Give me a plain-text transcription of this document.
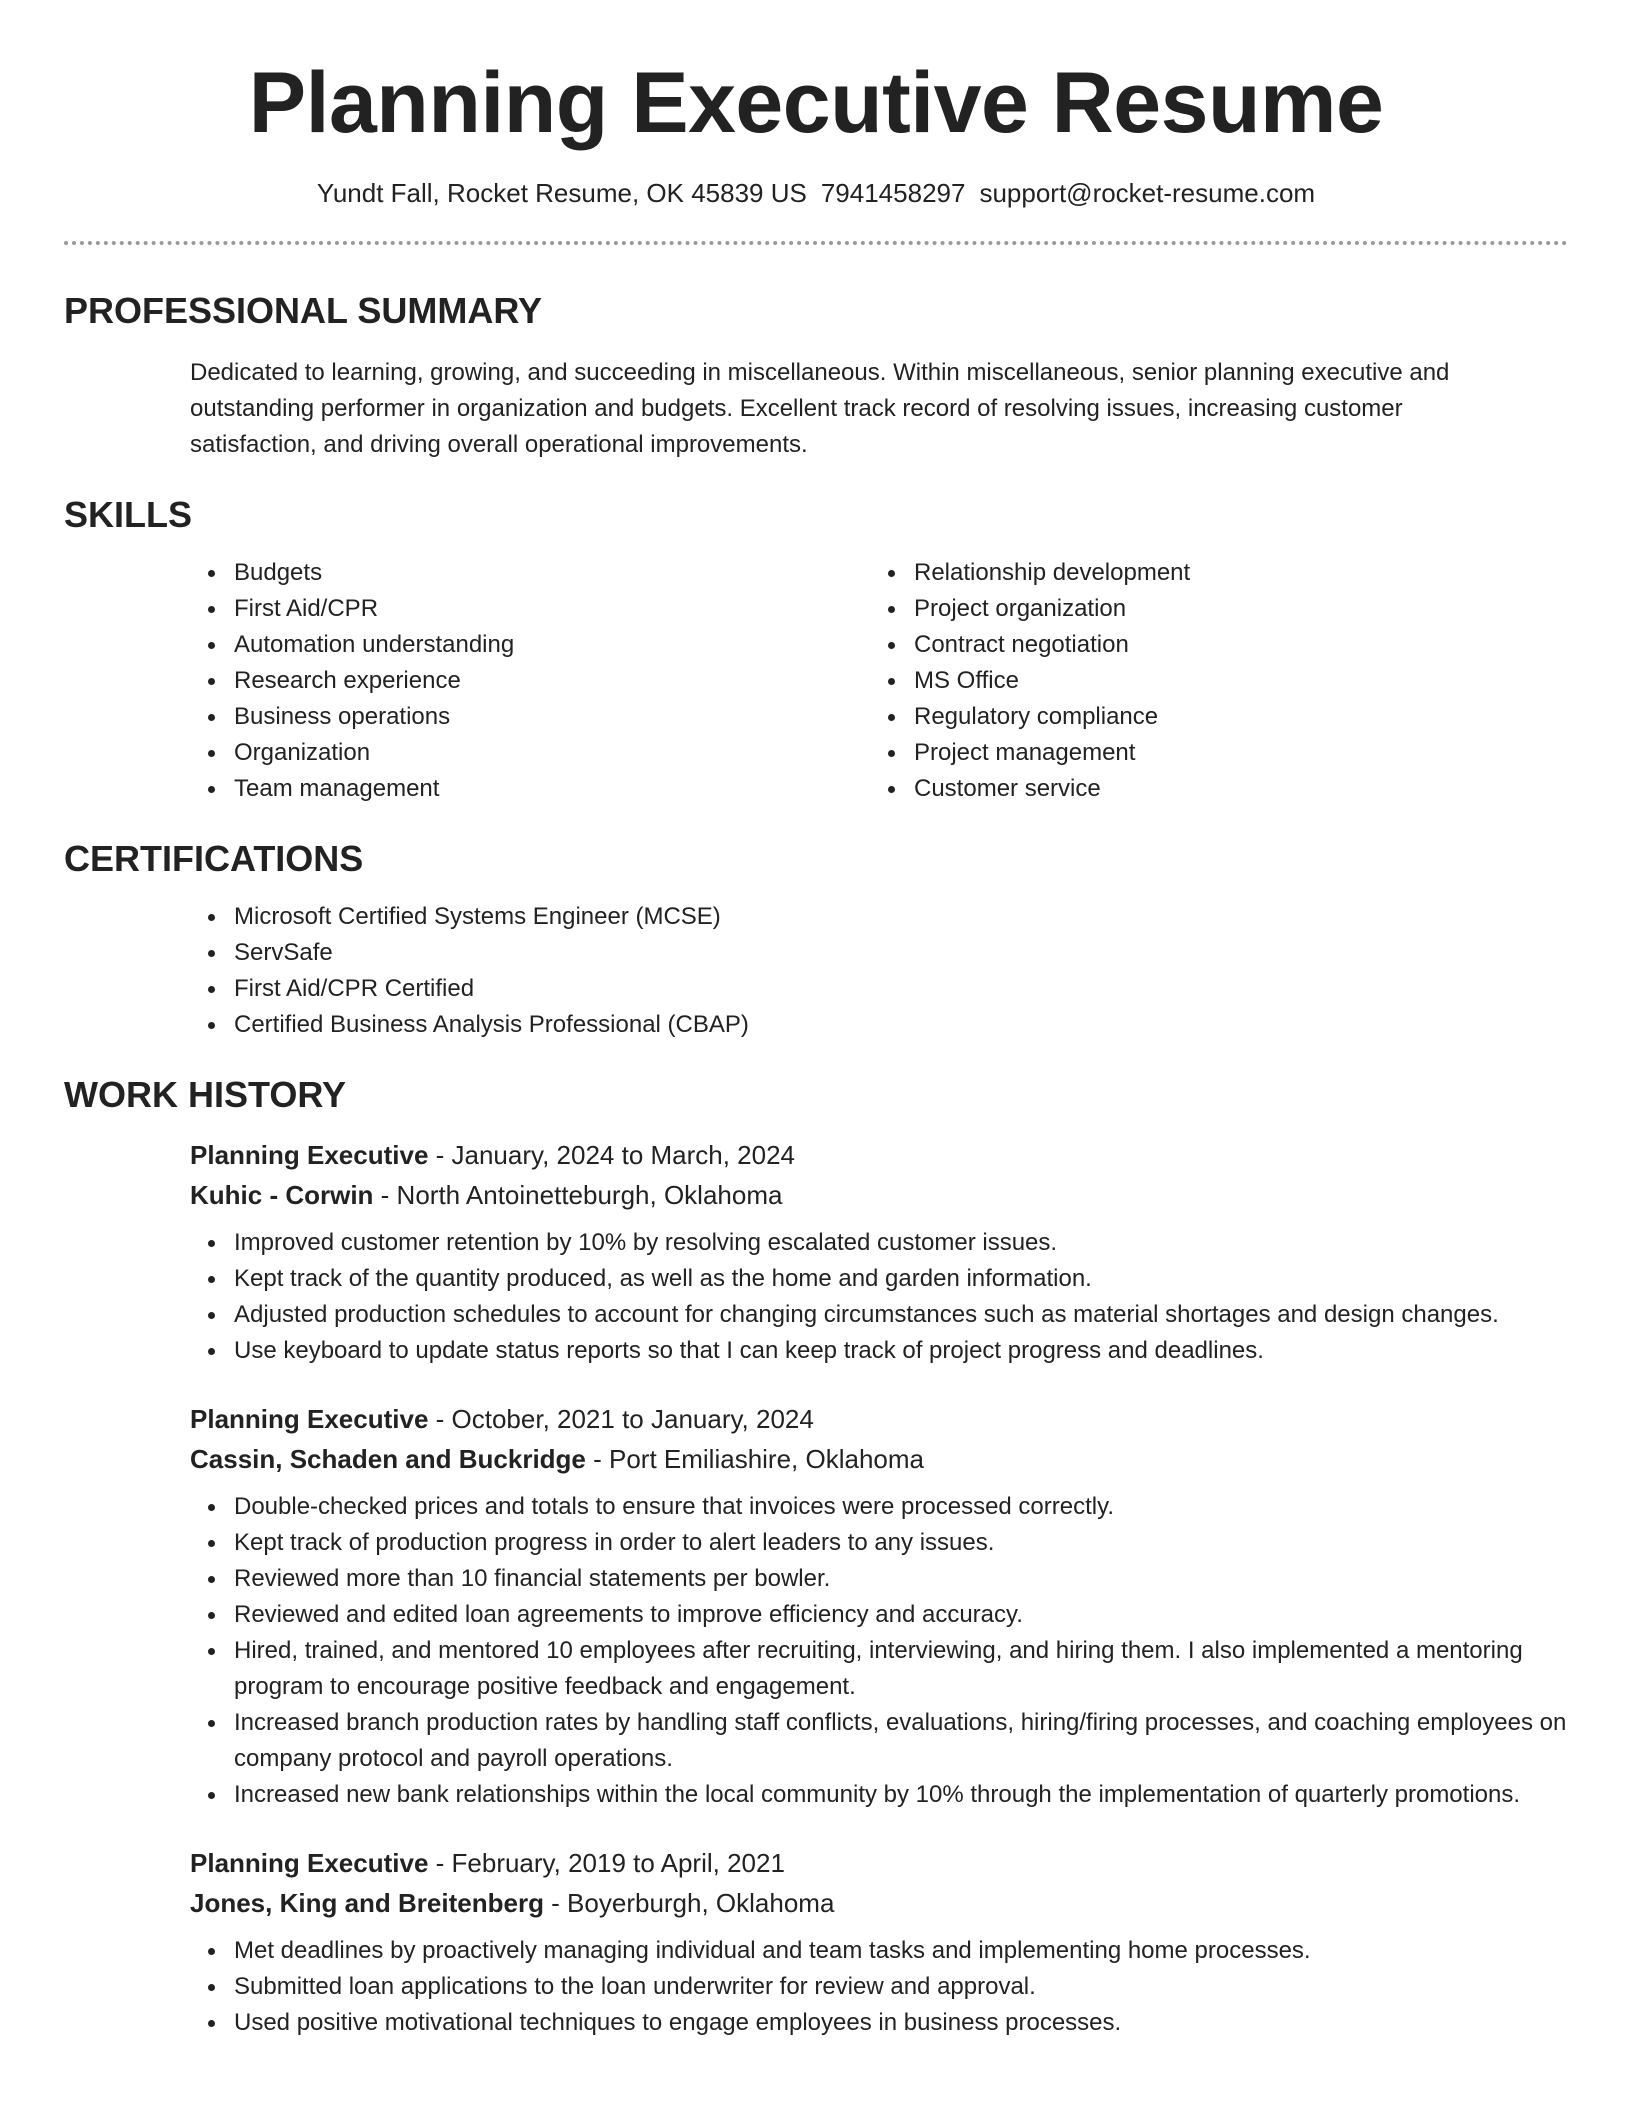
Planning Executive Resume
Yundt Fall, Rocket Resume, OK 45839 US 7941458297 support@rocket-resume.com
PROFESSIONAL SUMMARY
Dedicated to learning, growing, and succeeding in miscellaneous. Within miscellaneous, senior planning executive and outstanding performer in organization and budgets. Excellent track record of resolving issues, increasing customer satisfaction, and driving overall operational improvements.
SKILLS
Budgets
First Aid/CPR
Automation understanding
Research experience
Business operations
Organization
Team management
Relationship development
Project organization
Contract negotiation
MS Office
Regulatory compliance
Project management
Customer service
CERTIFICATIONS
Microsoft Certified Systems Engineer (MCSE)
ServSafe
First Aid/CPR Certified
Certified Business Analysis Professional (CBAP)
WORK HISTORY
Planning Executive - January, 2024 to March, 2024
Kuhic - Corwin - North Antoinetteburgh, Oklahoma
Improved customer retention by 10% by resolving escalated customer issues.
Kept track of the quantity produced, as well as the home and garden information.
Adjusted production schedules to account for changing circumstances such as material shortages and design changes.
Use keyboard to update status reports so that I can keep track of project progress and deadlines.
Planning Executive - October, 2021 to January, 2024
Cassin, Schaden and Buckridge - Port Emiliashire, Oklahoma
Double-checked prices and totals to ensure that invoices were processed correctly.
Kept track of production progress in order to alert leaders to any issues.
Reviewed more than 10 financial statements per bowler.
Reviewed and edited loan agreements to improve efficiency and accuracy.
Hired, trained, and mentored 10 employees after recruiting, interviewing, and hiring them. I also implemented a mentoring program to encourage positive feedback and engagement.
Increased branch production rates by handling staff conflicts, evaluations, hiring/firing processes, and coaching employees on company protocol and payroll operations.
Increased new bank relationships within the local community by 10% through the implementation of quarterly promotions.
Planning Executive - February, 2019 to April, 2021
Jones, King and Breitenberg - Boyerburgh, Oklahoma
Met deadlines by proactively managing individual and team tasks and implementing home processes.
Submitted loan applications to the loan underwriter for review and approval.
Used positive motivational techniques to engage employees in business processes.
